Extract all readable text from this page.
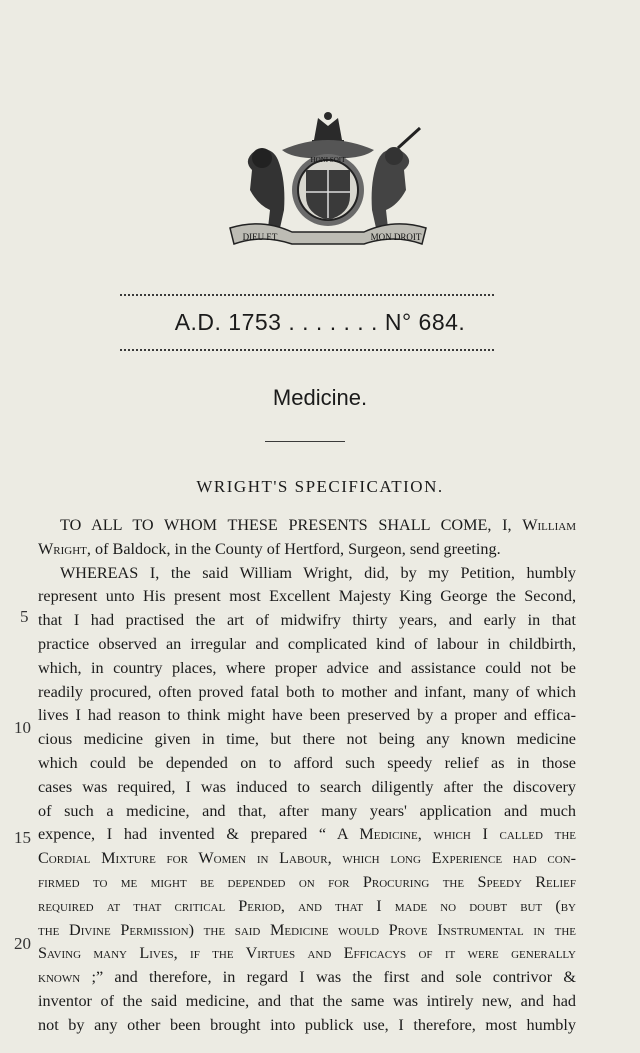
HONI SOIT
DIEU ET	MON DROIT
A.D. 1753 . . . . . . . N° 684.
Medicine.
WRIGHT'S SPECIFICATION.
5
10
15
20
TO ALL TO WHOM THESE PRESENTS SHALL COME, I, William
Wright, of Baldock, in the County of Hertford, Surgeon, send greeting.
WHEREAS I, the said William Wright, did, by my Petition, humbly
represent unto His present most Excellent Majesty King George the Second,
that I had practised the art of midwifry thirty years, and early in that
practice observed an irregular and complicated kind of labour in childbirth,
which, in country places, where proper advice and assistance could not be
readily procured, often proved fatal both to mother and infant, many of which
lives I had reason to think might have been preserved by a proper and effica-
cious medicine given in time, but there not being any known medicine
which could be depended on to afford such speedy relief as in those
cases was required, I was induced to search diligently after the discovery
of such a medicine, and that, after many years' application and much
expence, I had invented & prepared “ A Medicine, which I called the
Cordial Mixture for Women in Labour, which long Experience had con-
firmed to me might be depended on for Procuring the Speedy Relief
required at that critical Period, and that I made no doubt but (by
the Divine Permission) the said Medicine would Prove Instrumental in the
Saving many Lives, if the Virtues and Efficacys of it were generally
known ;” and therefore, in regard I was the first and sole contrivor &
inventor of the said medicine, and that the same was intirely new, and had
not by any other been brought into publick use, I therefore, most humbly
